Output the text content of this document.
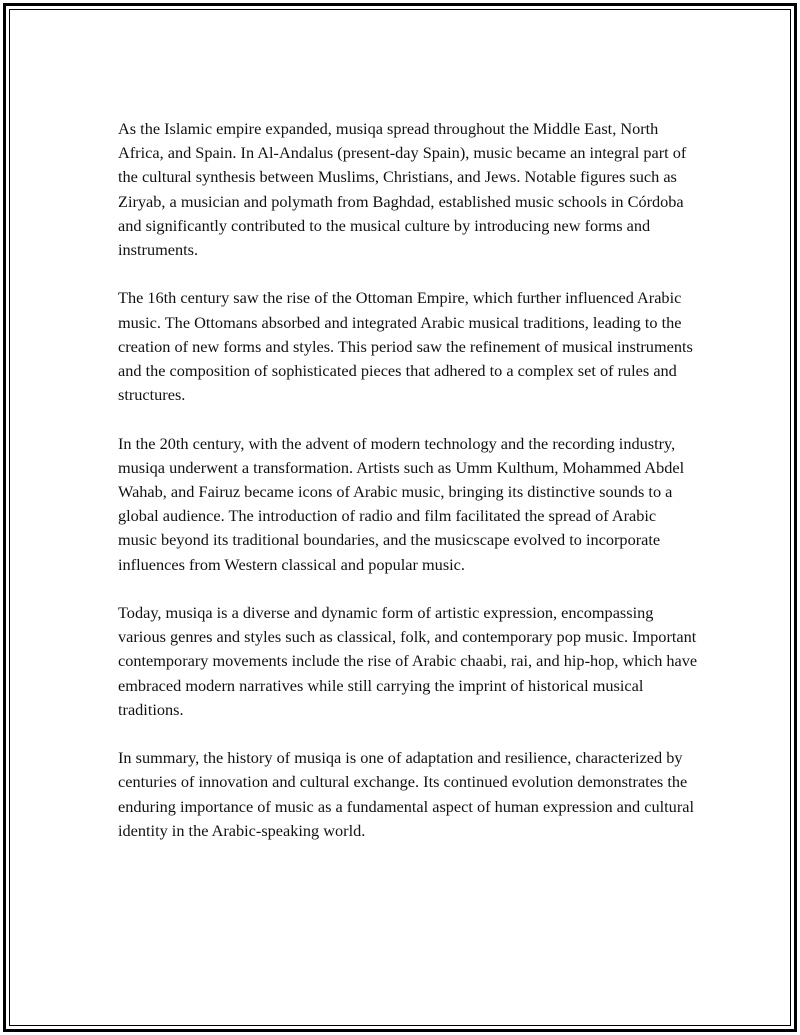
As the Islamic empire expanded, musiqa spread throughout the Middle East, North Africa, and Spain. In Al-Andalus (present-day Spain), music became an integral part of the cultural synthesis between Muslims, Christians, and Jews. Notable figures such as Ziryab, a musician and polymath from Baghdad, established music schools in Córdoba and significantly contributed to the musical culture by introducing new forms and instruments.

The 16th century saw the rise of the Ottoman Empire, which further influenced Arabic music. The Ottomans absorbed and integrated Arabic musical traditions, leading to the creation of new forms and styles. This period saw the refinement of musical instruments and the composition of sophisticated pieces that adhered to a complex set of rules and structures.

In the 20th century, with the advent of modern technology and the recording industry, musiqa underwent a transformation. Artists such as Umm Kulthum, Mohammed Abdel Wahab, and Fairuz became icons of Arabic music, bringing its distinctive sounds to a global audience. The introduction of radio and film facilitated the spread of Arabic music beyond its traditional boundaries, and the musicscape evolved to incorporate influences from Western classical and popular music.

Today, musiqa is a diverse and dynamic form of artistic expression, encompassing various genres and styles such as classical, folk, and contemporary pop music. Important contemporary movements include the rise of Arabic chaabi, rai, and hip-hop, which have embraced modern narratives while still carrying the imprint of historical musical traditions.

In summary, the history of musiqa is one of adaptation and resilience, characterized by centuries of innovation and cultural exchange. Its continued evolution demonstrates the enduring importance of music as a fundamental aspect of human expression and cultural identity in the Arabic-speaking world.
